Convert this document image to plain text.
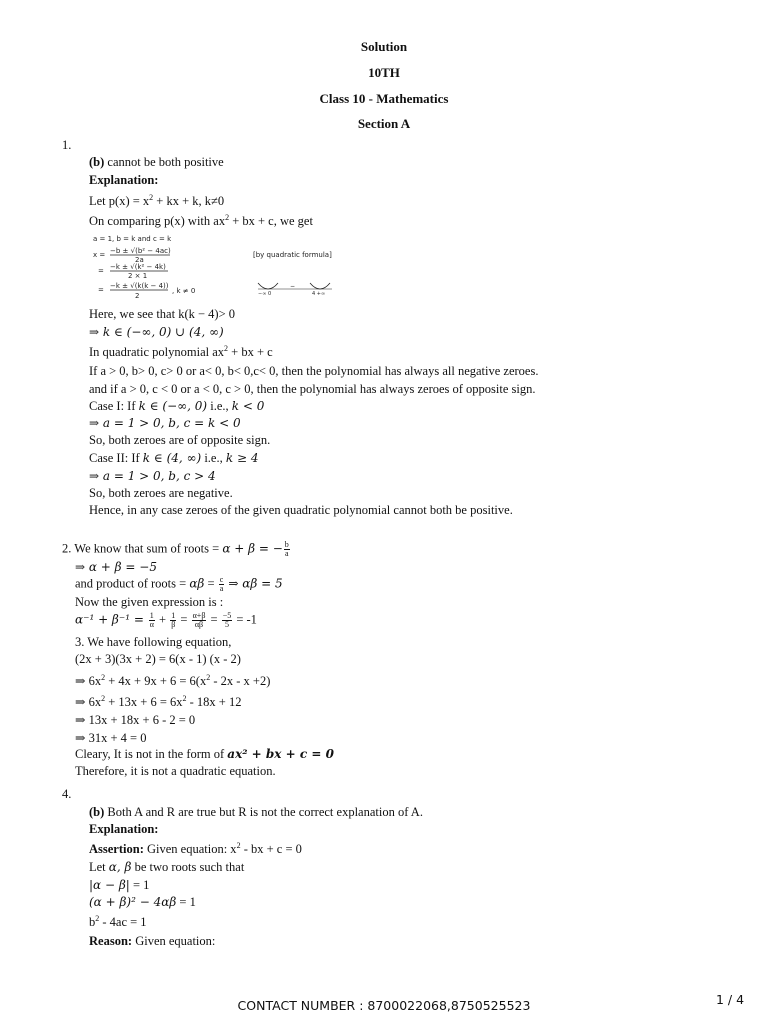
Solution
10TH
Class 10 - Mathematics
Section A
1.
(b) cannot be both positive
Explanation:
Let $p(x) = x^2$ + kx + k, k≠0
On comparing p(x) with $ax^2$ + bx + c, we get
a = 1, b = k and c = k
x = −b ± √(b² − 4ac)
2a
= −k ± √(k² − 4k)
2 × 1
= −k ± √(k(k − 4))
2
, k ≠ 0
[by quadratic formula]
−∞ 0
−
4 +∞
Here, we see that k(k − 4)> 0
⇒ k ∈ (−∞, 0) ∪ (4, ∞)
In quadratic polynomial $ax^2$ + bx + c
If a > 0, b> 0, c> 0 or a< 0, b< 0,c< 0, then the polynomial has always all negative zeroes.
and if a > 0, c < 0 or a < 0, c > 0, then the polynomial has always zeroes of opposite sign.
Case I: If k ∈ (−∞, 0) i.e., k < 0
⇒ a = 1 > 0, b, c = k < 0
So, both zeroes are of opposite sign.
Case II: If k ∈ (4, ∞) i.e., k ≥ 4
⇒ a = 1 > 0, b, c > 4
So, both zeroes are negative.
Hence, in any case zeroes of the given quadratic polynomial cannot both be positive.
2. We know that sum of roots = α + β = − $\frac{b}{a}$
⇒ α + β = −5
and product of roots = $\alpha\beta = \frac{c}{a}$ ⇒ αβ = 5
Now the given expression is :
$\alpha^{-1} + \beta^{-1} = \frac{1}{\alpha} + \frac{1}{\beta} = \frac{\alpha+\beta}{\alpha\beta} = \frac{-5}{5} = -1$
3. We have following equation,
(2x + 3)(3x + 2) = 6(x - 1) (x - 2)
⇒ $6x^2 + 4x + 9x + 6 = 6(x^2 - 2x - x +2)$
⇒ $6x^2 + 13x + 6 = 6x^2 - 18x + 12$
⇒ 13x + 18x + 6 - 2 = 0
⇒ 31x + 4 = 0
Cleary, It is not in the form of ax² + bx + c = 0
Therefore, it is not a quadratic equation.
4.
(b) Both A and R are true but R is not the correct explanation of A.
Explanation:
Assertion: Given equation: $x^2$ - bx + c = 0
Let α, β be two roots such that
|α − β| = 1
(α + β)² − 4αβ = 1
$b^2 - 4ac = 1$
Reason: Given equation:
CONTACT NUMBER : 8700022068,8750525523	1 / 4
